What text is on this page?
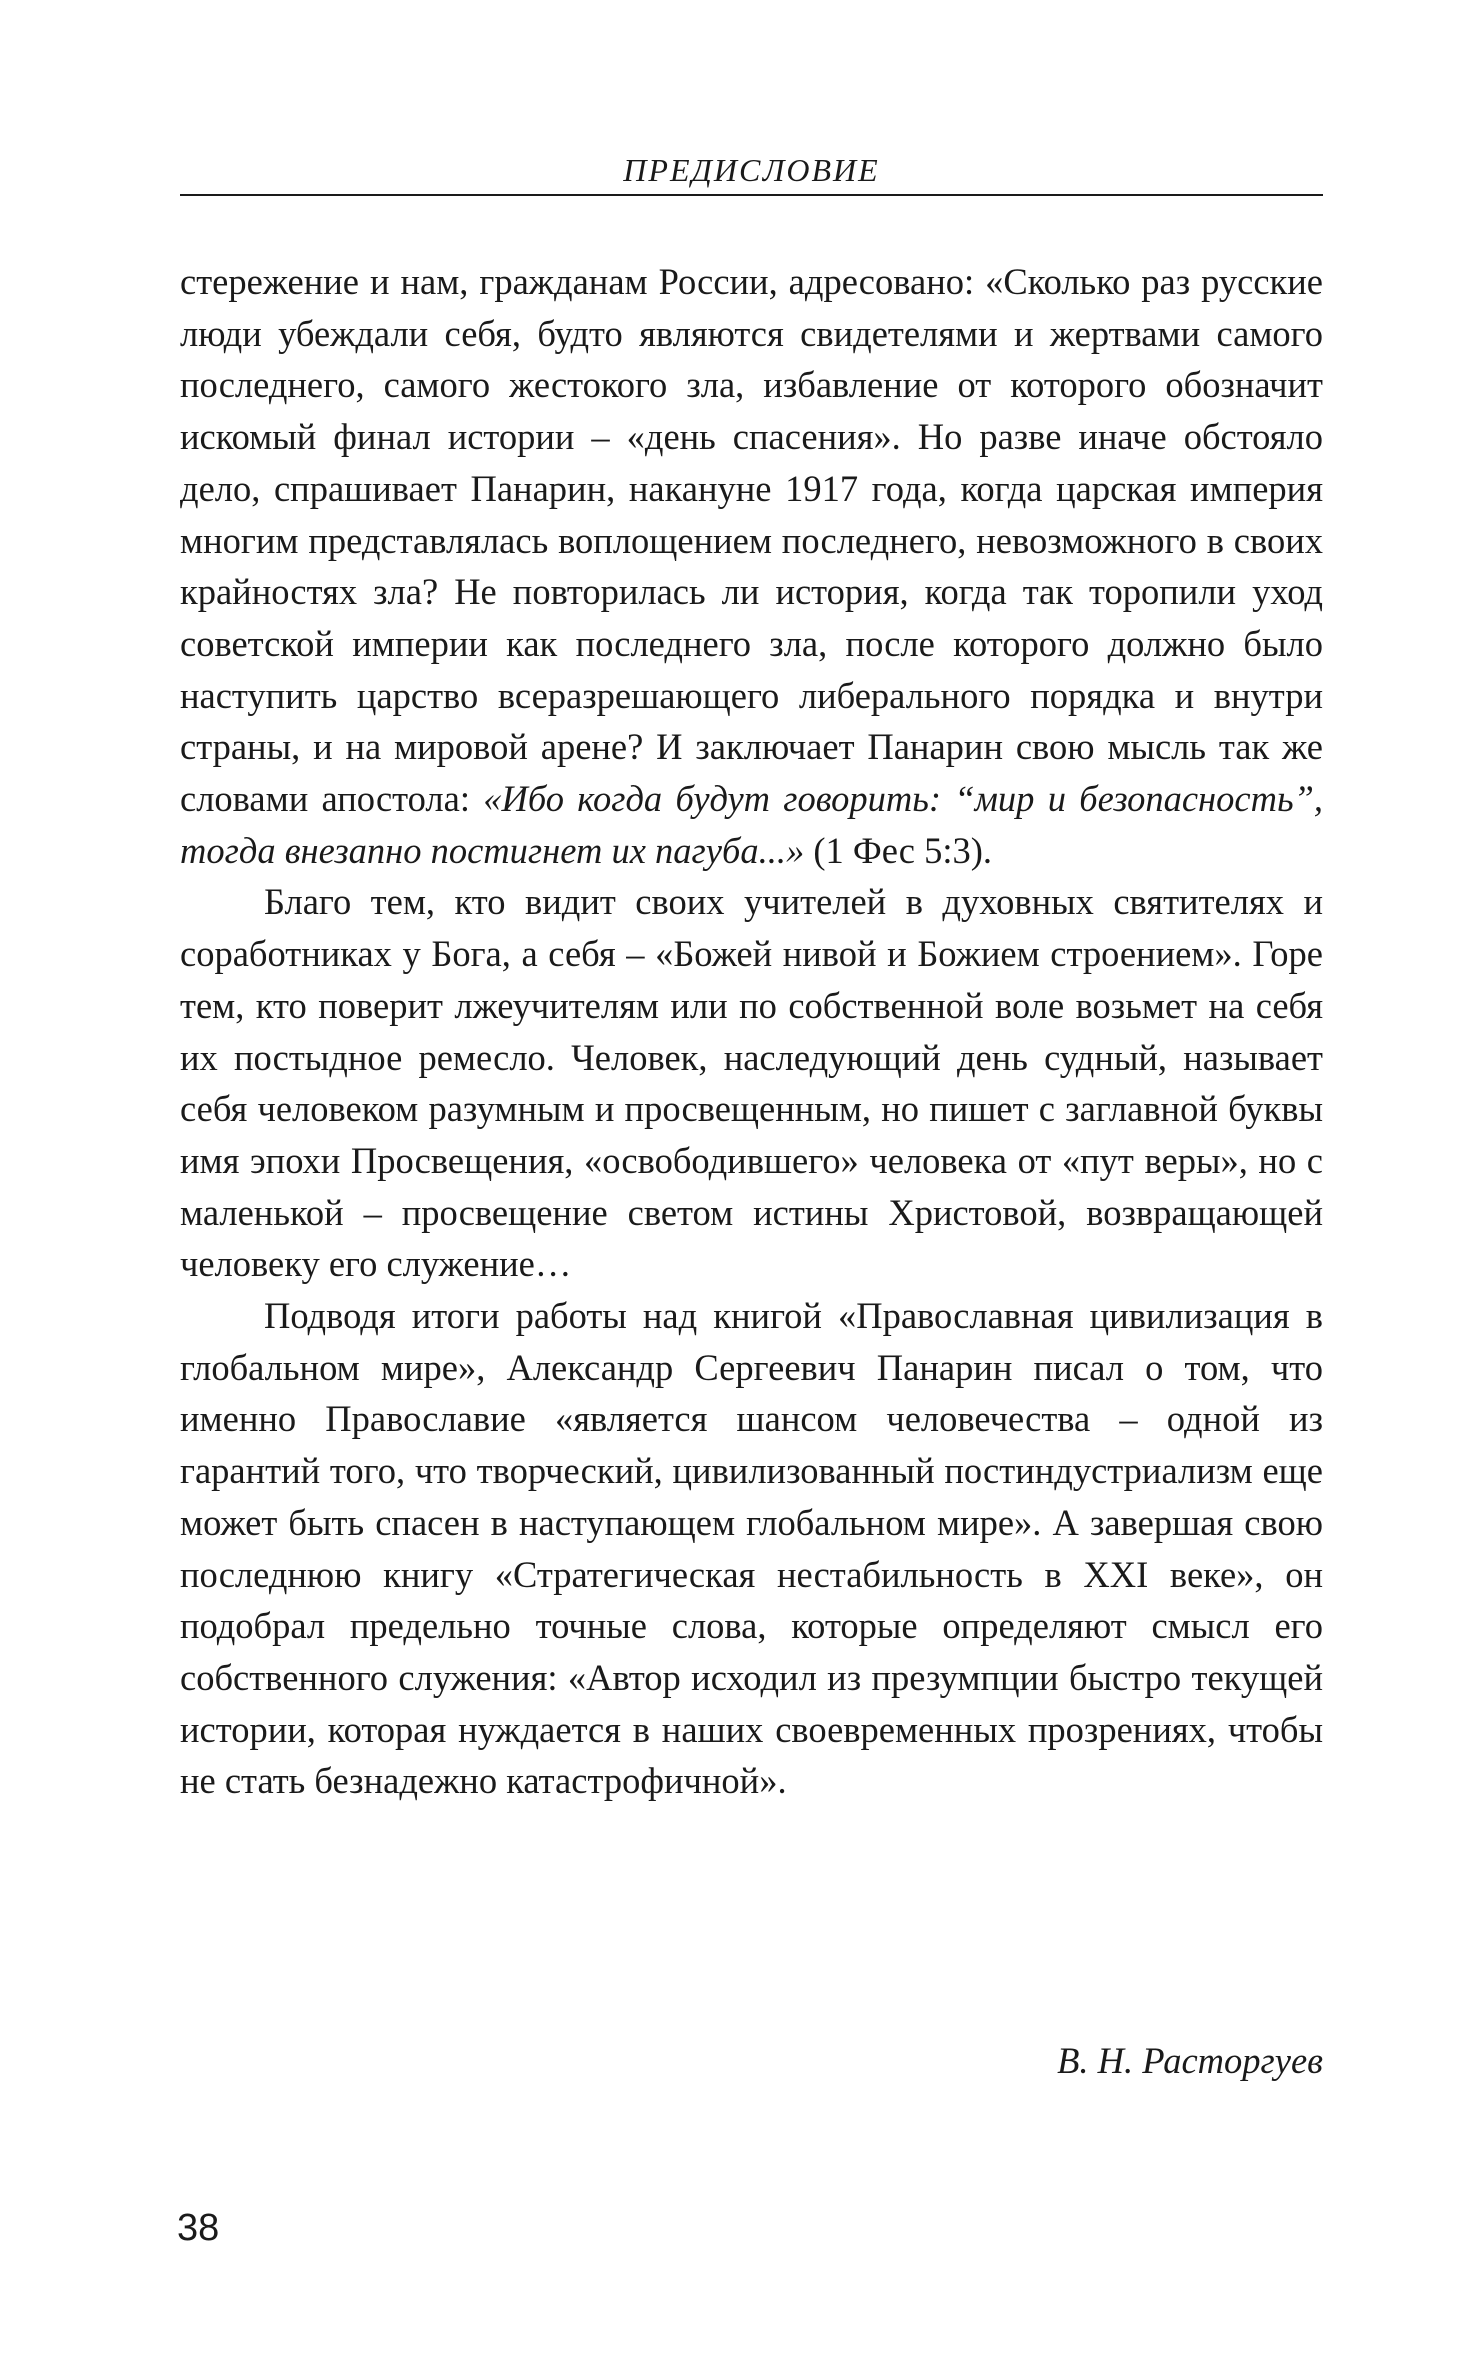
ПРЕДИСЛОВИЕ

стережение и нам, гражданам России, адресовано: «Сколько раз русские люди убеждали себя, будто являются свидетелями и жертвами самого последнего, самого жестокого зла, избавление от которого обозначит искомый финал истории – «день спасения». Но разве иначе обстояло дело, спрашивает Панарин, накануне 1917 года, когда царская империя многим представлялась воплощением последнего, невозможного в своих крайностях зла? Не повторилась ли история, когда так торопили уход советской империи как последнего зла, после которого должно было наступить царство всеразрешающего либерального порядка и внутри страны, и на мировой арене? И заключает Панарин свою мысль так же словами апостола: «Ибо когда будут говорить: “мир и безопасность”, тогда внезапно постигнет их пагуба...» (1 Фес 5:3).

Благо тем, кто видит своих учителей в духовных святителях и соработниках у Бога, а себя – «Божей нивой и Божием строением». Горе тем, кто поверит лжеучителям или по собственной воле возьмет на себя их постыдное ремесло. Человек, наследующий день судный, называет себя человеком разумным и просвещенным, но пишет с заглавной буквы имя эпохи Просвещения, «освободившего» человека от «пут веры», но с маленькой – просвещение светом истины Христовой, возвращающей человеку его служение…

Подводя итоги работы над книгой «Православная цивилизация в глобальном мире», Александр Сергеевич Панарин писал о том, что именно Православие «является шансом человечества – одной из гарантий того, что творческий, цивилизованный постиндустриализм еще может быть спасен в наступающем глобальном мире». А завершая свою последнюю книгу «Стратегическая нестабильность в XXI веке», он подобрал предельно точные слова, которые определяют смысл его собственного служения: «Автор исходил из презумпции быстро текущей истории, которая нуждается в наших своевременных прозрениях, чтобы не стать безнадежно катастрофичной».

В. Н. Расторгуев
38
